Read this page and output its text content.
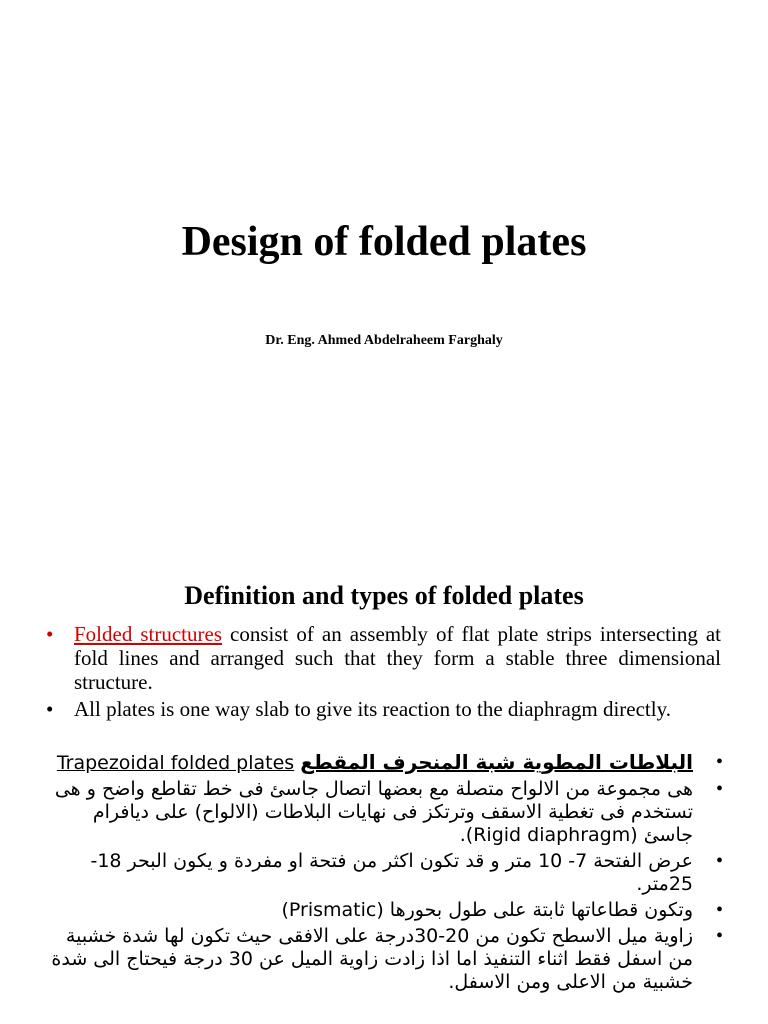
Design of folded plates

Dr. Eng. Ahmed Abdelraheem Farghaly

Definition and types of folded plates
• Folded structures consist of an assembly of flat plate strips intersecting at fold lines and arranged such that they form a stable three dimensional structure.
• All plates is one way slab to give its reaction to the diaphragm directly.
•
البلاطات المطوية شبة المنحرف المقطع Trapezoidal folded plates
•
هى مجموعة من الالواح متصلة مع بعضها اتصال جاسئ فى خط تقاطع واضح و هى تستخدم فى تغطية الاسقف وترتكز فى نهايات البلاطات (الالواح) على ديافرام جاسئ (Rigid diaphragm).
•
عرض الفتحة 7- 10 متر و قد تكون اكثر من فتحة او مفردة و يكون البحر 18-25متر.
•
وتكون قطاعاتها ثابتة على طول بحورها (Prismatic)
•
زاوية ميل الاسطح تكون من 20-30درجة على الافقى حيث تكون لها شدة خشبية من اسفل فقط اثناء التنفيذ اما اذا زادت زاوية الميل عن 30 درجة فيحتاج الى شدة خشبية من الاعلى ومن الاسفل.
